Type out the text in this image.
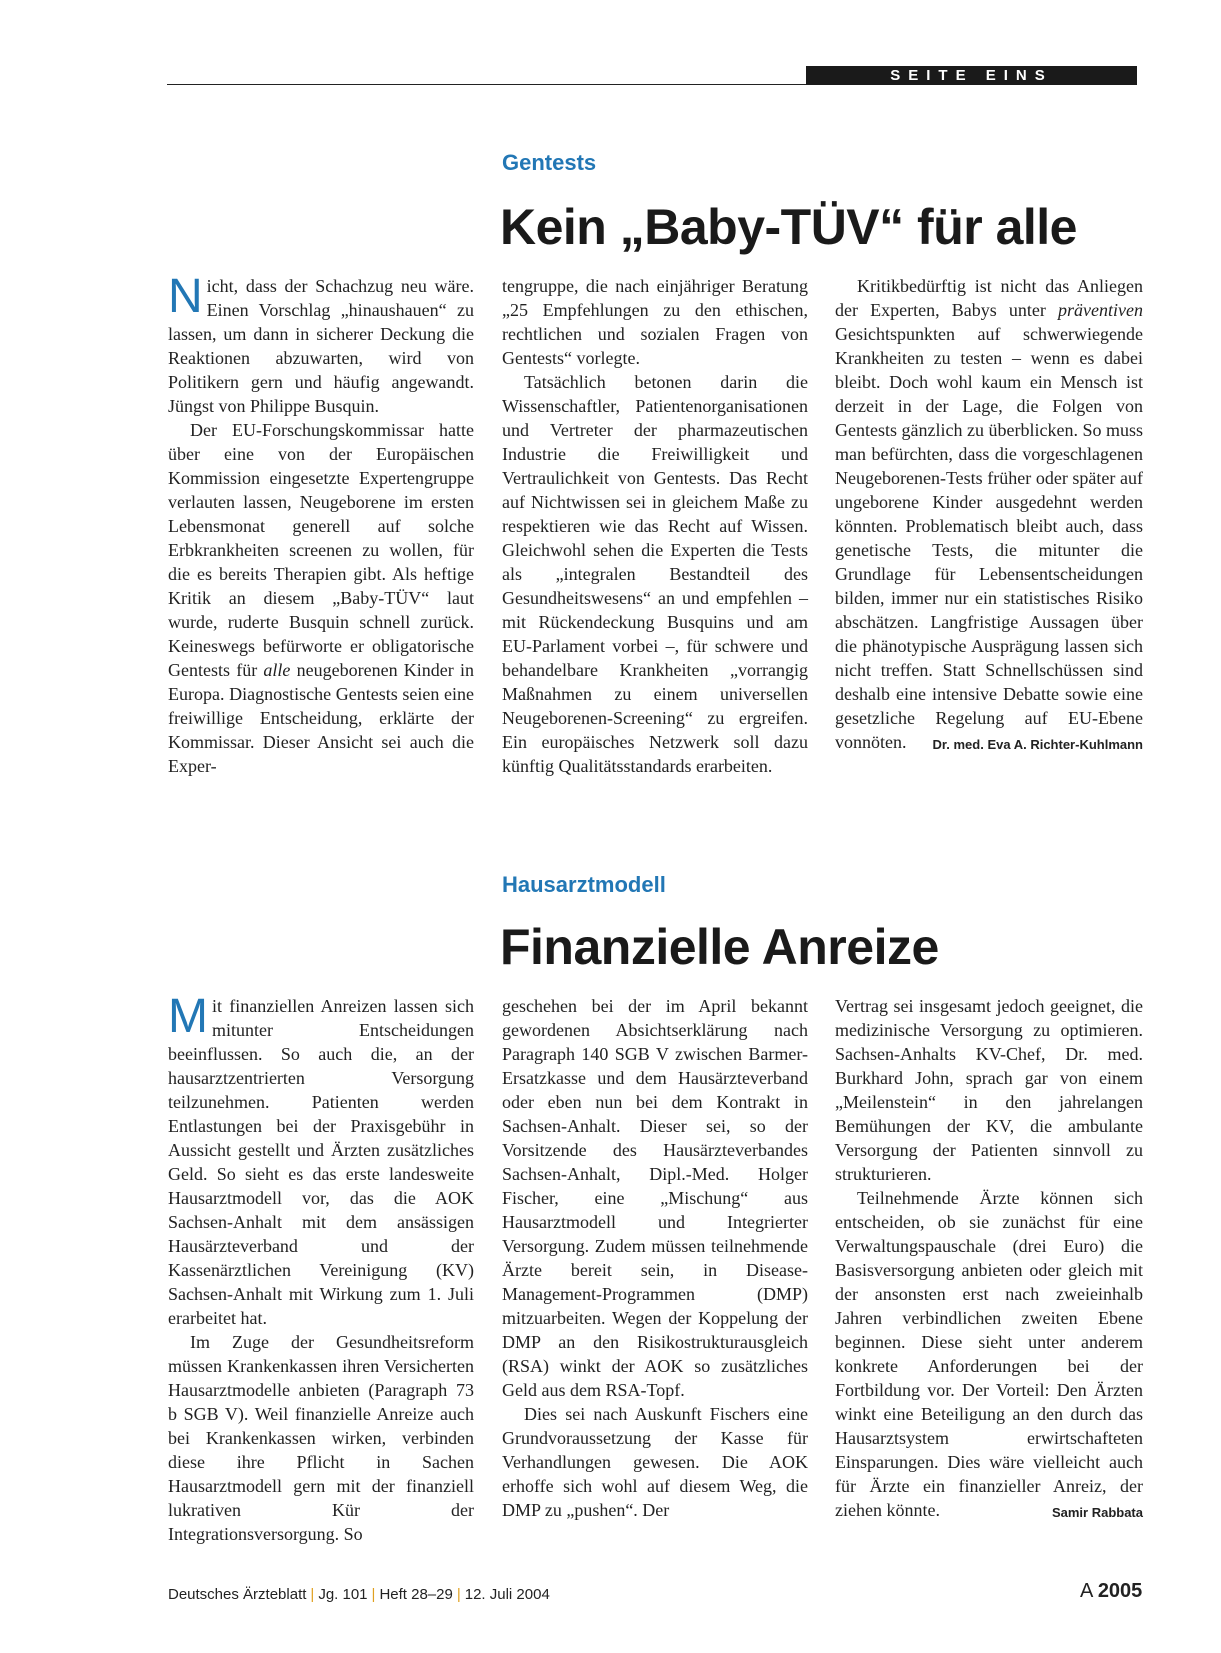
SEITE EINS
Gentests
Kein „Baby-TÜV“ für alle

Nicht, dass der Schachzug neu wäre. Einen Vorschlag „hinaushauen“ zu lassen, um dann in sicherer Deckung die Reaktionen abzuwarten, wird von Politikern gern und häufig angewandt. Jüngst von Philippe Busquin.

Der EU-Forschungskommissar hatte über eine von der Europäischen Kommission eingesetzte Expertengruppe verlauten lassen, Neugeborene im ersten Lebensmonat generell auf solche Erbkrankheiten screenen zu wollen, für die es bereits Therapien gibt. Als heftige Kritik an diesem „Baby-TÜV“ laut wurde, ruderte Busquin schnell zurück. Keineswegs befürworte er obligatorische Gentests für alle neugeborenen Kinder in Europa. Diagnostische Gentests seien eine freiwillige Entscheidung, erklärte der Kommissar. Dieser Ansicht sei auch die Exper-

tengruppe, die nach einjähriger Beratung „25 Empfehlungen zu den ethischen, rechtlichen und sozialen Fragen von Gentests“ vorlegte.

Tatsächlich betonen darin die Wissenschaftler, Patientenorganisationen und Vertreter der pharmazeutischen Industrie die Freiwilligkeit und Vertraulichkeit von Gentests. Das Recht auf Nichtwissen sei in gleichem Maße zu respektieren wie das Recht auf Wissen. Gleichwohl sehen die Experten die Tests als „integralen Bestandteil des Gesundheitswesens“ an und empfehlen – mit Rückendeckung Busquins und am EU-Parlament vorbei –, für schwere und behandelbare Krankheiten „vorrangig Maßnahmen zu einem universellen Neugeborenen-Screening“ zu ergreifen. Ein europäisches Netzwerk soll dazu künftig Qualitätsstandards erarbeiten.

Kritikbedürftig ist nicht das Anliegen der Experten, Babys unter präventiven Gesichtspunkten auf schwerwiegende Krankheiten zu testen – wenn es dabei bleibt. Doch wohl kaum ein Mensch ist derzeit in der Lage, die Folgen von Gentests gänzlich zu überblicken. So muss man befürchten, dass die vorgeschlagenen Neugeborenen-Tests früher oder später auf ungeborene Kinder ausgedehnt werden könnten. Problematisch bleibt auch, dass genetische Tests, die mitunter die Grundlage für Lebensentscheidungen bilden, immer nur ein statistisches Risiko abschätzen. Langfristige Aussagen über die phänotypische Ausprägung lassen sich nicht treffen. Statt Schnellschüssen sind deshalb eine intensive Debatte sowie eine gesetzliche Regelung auf EU-Ebene vonnöten.	Dr. med. Eva A. Richter-Kuhlmann

Hausarztmodell
Finanzielle Anreize

Mit finanziellen Anreizen lassen sich mitunter Entscheidungen beeinflussen. So auch die, an der hausarztzentrierten Versorgung teilzunehmen. Patienten werden Entlastungen bei der Praxisgebühr in Aussicht gestellt und Ärzten zusätzliches Geld. So sieht es das erste landesweite Hausarztmodell vor, das die AOK Sachsen-Anhalt mit dem ansässigen Hausärzteverband und der Kassenärztlichen Vereinigung (KV) Sachsen-Anhalt mit Wirkung zum 1. Juli erarbeitet hat.

Im Zuge der Gesundheitsreform müssen Krankenkassen ihren Versicherten Hausarztmodelle anbieten (Paragraph 73 b SGB V). Weil finanzielle Anreize auch bei Krankenkassen wirken, verbinden diese ihre Pflicht in Sachen Hausarztmodell gern mit der finanziell lukrativen Kür der Integrationsversorgung. So

geschehen bei der im April bekannt gewordenen Absichtserklärung nach Paragraph 140 SGB V zwischen Barmer-Ersatzkasse und dem Hausärzteverband oder eben nun bei dem Kontrakt in Sachsen-Anhalt. Dieser sei, so der Vorsitzende des Hausärzteverbandes Sachsen-Anhalt, Dipl.-Med. Holger Fischer, eine „Mischung“ aus Hausarztmodell und Integrierter Versorgung. Zudem müssen teilnehmende Ärzte bereit sein, in Disease-Management-Programmen (DMP) mitzuarbeiten. Wegen der Koppelung der DMP an den Risikostrukturausgleich (RSA) winkt der AOK so zusätzliches Geld aus dem RSA-Topf.

Dies sei nach Auskunft Fischers eine Grundvoraussetzung der Kasse für Verhandlungen gewesen. Die AOK erhoffe sich wohl auf diesem Weg, die DMP zu „pushen“. Der

Vertrag sei insgesamt jedoch geeignet, die medizinische Versorgung zu optimieren. Sachsen-Anhalts KV-Chef, Dr. med. Burkhard John, sprach gar von einem „Meilenstein“ in den jahrelangen Bemühungen der KV, die ambulante Versorgung der Patienten sinnvoll zu strukturieren.

Teilnehmende Ärzte können sich entscheiden, ob sie zunächst für eine Verwaltungspauschale (drei Euro) die Basisversorgung anbieten oder gleich mit der ansonsten erst nach zweieinhalb Jahren verbindlichen zweiten Ebene beginnen. Diese sieht unter anderem konkrete Anforderungen bei der Fortbildung vor. Der Vorteil: Den Ärzten winkt eine Beteiligung an den durch das Hausarztsystem erwirtschafteten Einsparungen. Dies wäre vielleicht auch für Ärzte ein finanzieller Anreiz, der ziehen könnte.	Samir Rabbata

Deutsches Ärzteblatt | Jg. 101 | Heft 28–29 | 12. Juli 2004	A 2005
